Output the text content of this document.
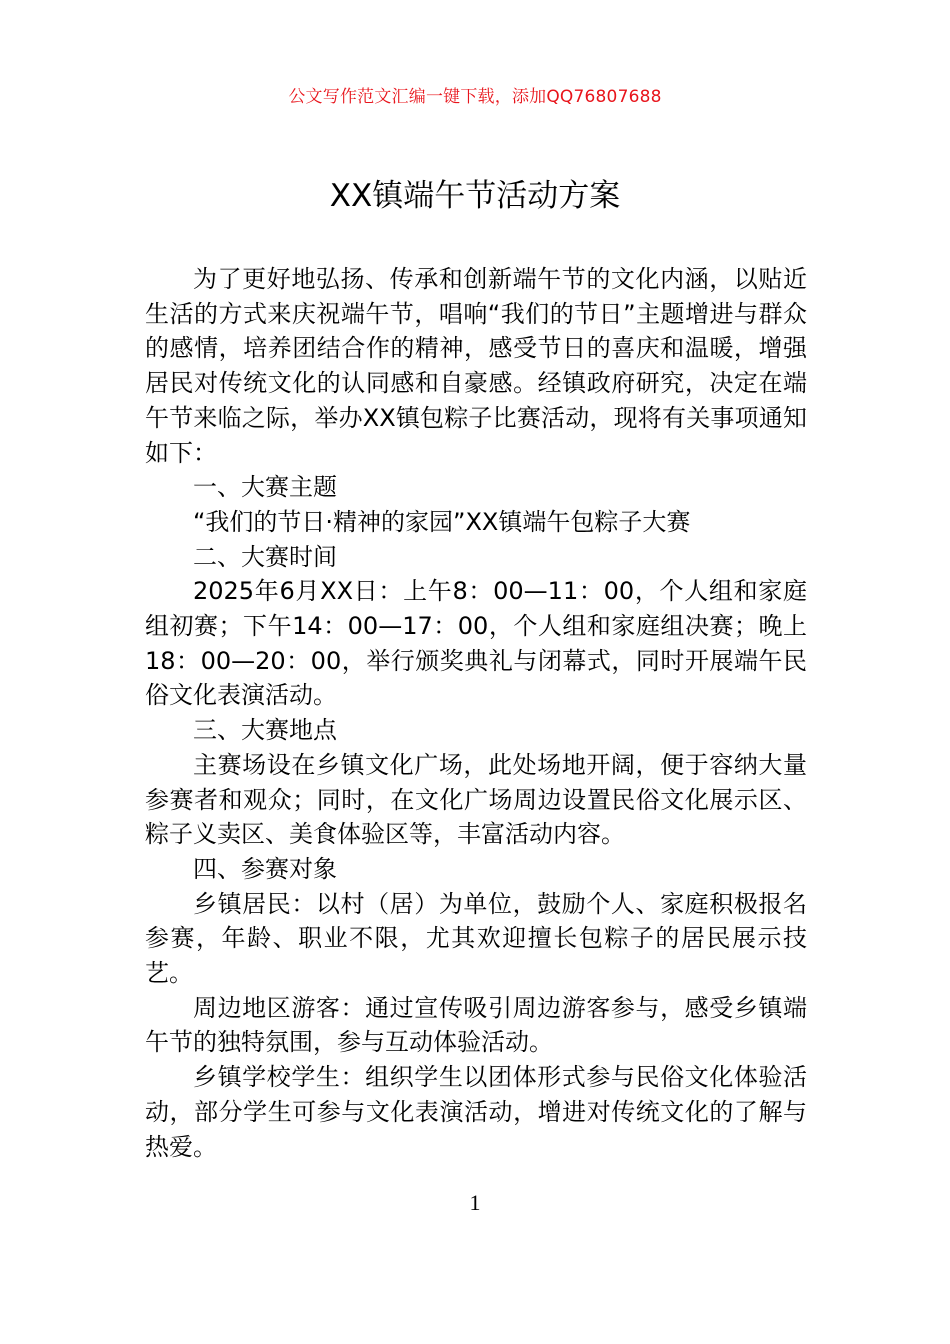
公文写作范文汇编一键下载，添加QQ76807688
XX镇端午节活动方案

为了更好地弘扬、传承和创新端午节的文化内涵，以贴近生活的方式来庆祝端午节，唱响“我们的节日”主题增进与群众的感情，培养团结合作的精神，感受节日的喜庆和温暖，增强居民对传统文化的认同感和自豪感。经镇政府研究，决定在端午节来临之际，举办XX镇包粽子比赛活动，现将有关事项通知如下：

一、大赛主题

“我们的节日·精神的家园”XX镇端午包粽子大赛

二、大赛时间

2025年6月XX日：上午8：00—11：00，个人组和家庭组初赛；下午14：00—17：00，个人组和家庭组决赛；晚上18：00—20：00，举行颁奖典礼与闭幕式，同时开展端午民俗文化表演活动。

三、大赛地点

主赛场设在乡镇文化广场，此处场地开阔，便于容纳大量参赛者和观众；同时，在文化广场周边设置民俗文化展示区、粽子义卖区、美食体验区等，丰富活动内容。

四、参赛对象

乡镇居民：以村（居）为单位，鼓励个人、家庭积极报名参赛，年龄、职业不限，尤其欢迎擅长包粽子的居民展示技艺。

周边地区游客：通过宣传吸引周边游客参与，感受乡镇端午节的独特氛围，参与互动体验活动。

乡镇学校学生：组织学生以团体形式参与民俗文化体验活动，部分学生可参与文化表演活动，增进对传统文化的了解与热爱。

1
